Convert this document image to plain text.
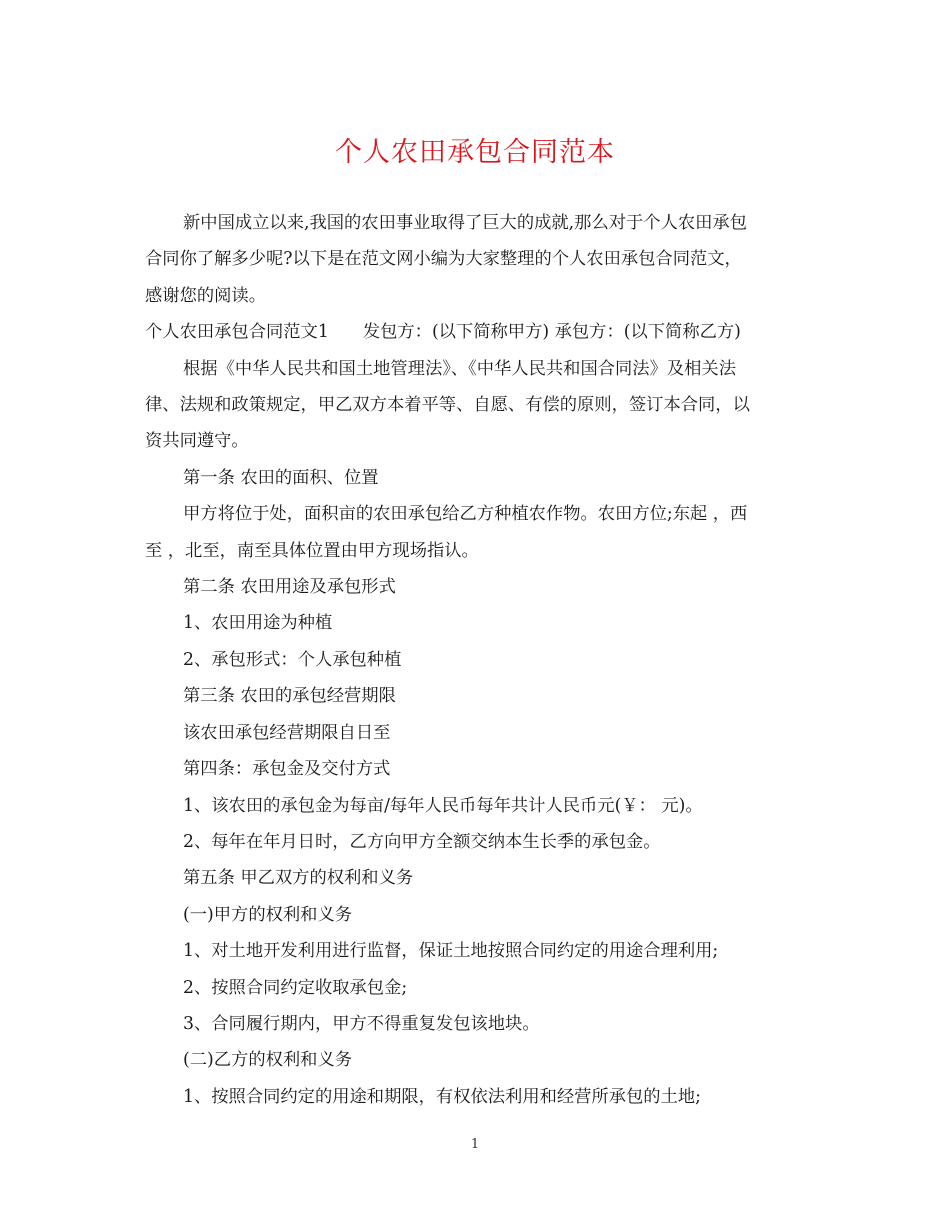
个人农田承包合同范本

新中国成立以来,我国的农田事业取得了巨大的成就,那么对于个人农田承包
合同你了解多少呢?以下是在范文网小编为大家整理的个人农田承包合同范文，
感谢您的阅读。

个人农田承包合同范文1 发包方：(以下简称甲方) 承包方：(以下简称乙方)

根据《中华人民共和国土地管理法》、《中华人民共和国合同法》及相关法
律、法规和政策规定，甲乙双方本着平等、自愿、有偿的原则，签订本合同，以
资共同遵守。

第一条 农田的面积、位置

甲方将位于处，面积亩的农田承包给乙方种植农作物。农田方位;东起 ，西
至 ，北至，南至具体位置由甲方现场指认。

第二条 农田用途及承包形式

1、农田用途为种植

2、承包形式：个人承包种植

第三条 农田的承包经营期限

该农田承包经营期限自日至

第四条：承包金及交付方式

1、该农田的承包金为每亩/每年人民币每年共计人民币元(￥： 元)。

2、每年在年月日时，乙方向甲方全额交纳本生长季的承包金。

第五条 甲乙双方的权利和义务

(一)甲方的权利和义务

1、对土地开发利用进行监督，保证土地按照合同约定的用途合理利用;

2、按照合同约定收取承包金;

3、合同履行期内，甲方不得重复发包该地块。

(二)乙方的权利和义务

1、按照合同约定的用途和期限，有权依法利用和经营所承包的土地;

1
